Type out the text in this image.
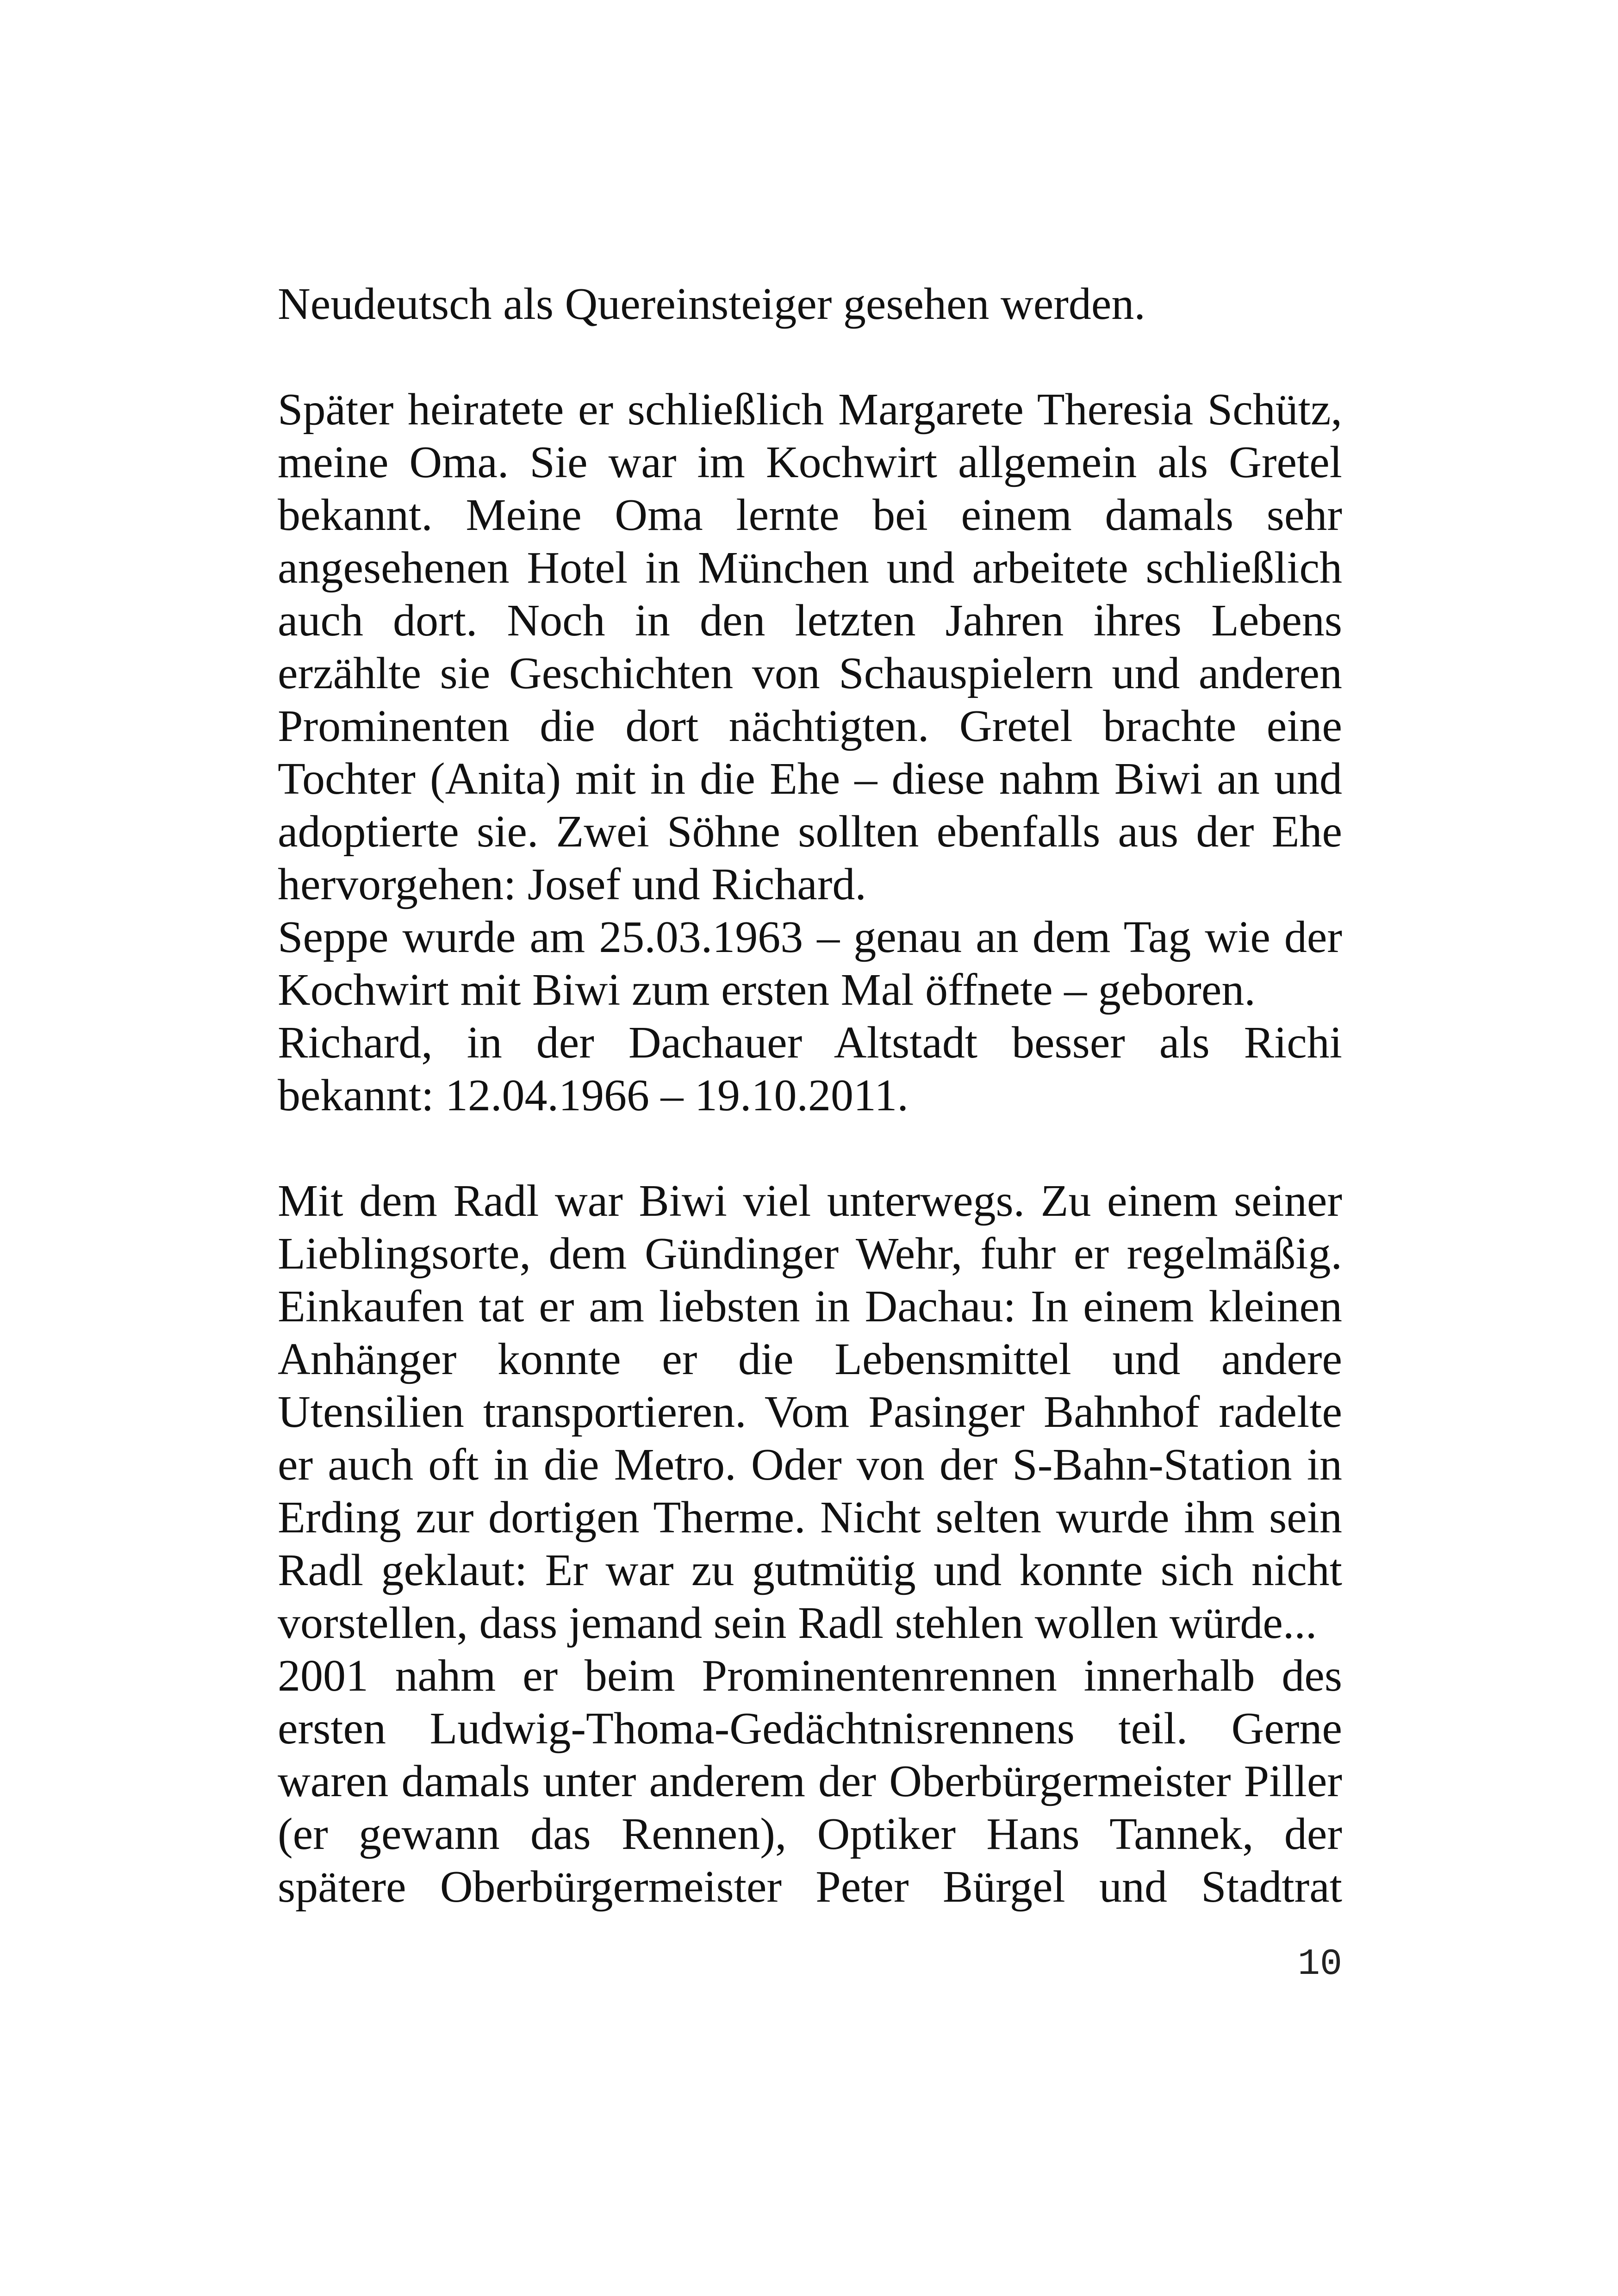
Neudeutsch als Quereinsteiger gesehen werden.
Später heiratete er schließlich Margarete Theresia Schütz,
meine Oma. Sie war im Kochwirt allgemein als Gretel
bekannt. Meine Oma lernte bei einem damals sehr
angesehenen Hotel in München und arbeitete schließlich
auch dort. Noch in den letzten Jahren ihres Lebens
erzählte sie Geschichten von Schauspielern und anderen
Prominenten die dort nächtigten. Gretel brachte eine
Tochter (Anita) mit in die Ehe – diese nahm Biwi an und
adoptierte sie. Zwei Söhne sollten ebenfalls aus der Ehe
hervorgehen: Josef und Richard.
Seppe wurde am 25.03.1963 – genau an dem Tag wie der
Kochwirt mit Biwi zum ersten Mal öffnete – geboren.
Richard, in der Dachauer Altstadt besser als Richi
bekannt: 12.04.1966 – 19.10.2011.
Mit dem Radl war Biwi viel unterwegs. Zu einem seiner
Lieblingsorte, dem Gündinger Wehr, fuhr er regelmäßig.
Einkaufen tat er am liebsten in Dachau: In einem kleinen
Anhänger konnte er die Lebensmittel und andere
Utensilien transportieren. Vom Pasinger Bahnhof radelte
er auch oft in die Metro. Oder von der S-Bahn-Station in
Erding zur dortigen Therme. Nicht selten wurde ihm sein
Radl geklaut: Er war zu gutmütig und konnte sich nicht
vorstellen, dass jemand sein Radl stehlen wollen würde...
2001 nahm er beim Prominentenrennen innerhalb des
ersten Ludwig-Thoma-Gedächtnisrennens teil. Gerne
waren damals unter anderem der Oberbürgermeister Piller
(er gewann das Rennen), Optiker Hans Tannek, der
spätere Oberbürgermeister Peter Bürgel und Stadtrat
10
